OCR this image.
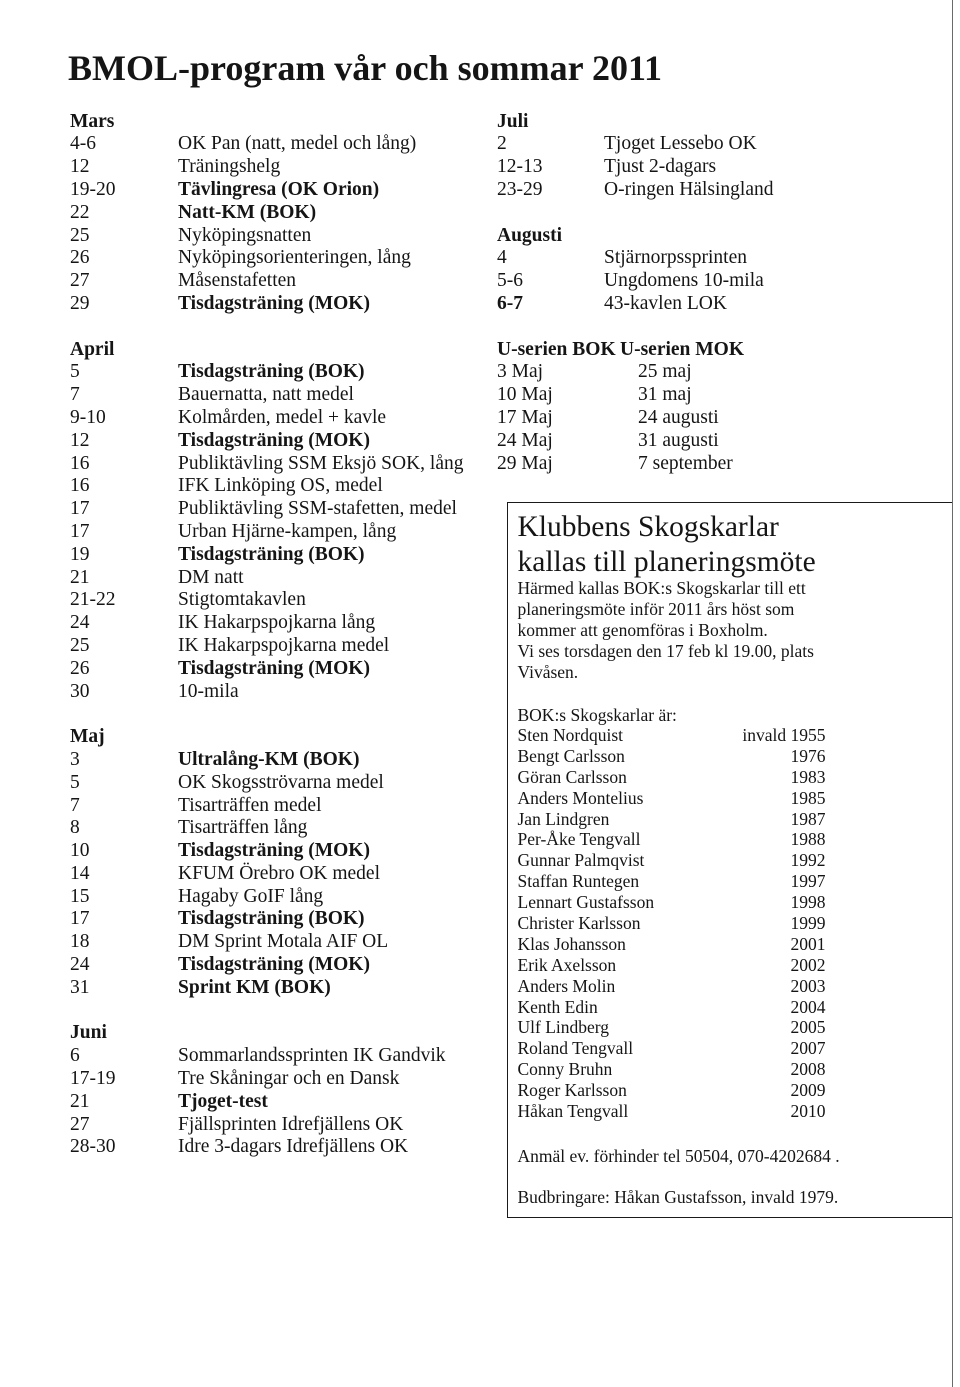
BMOL-program vår och sommar 2011
Mars
4-6	OK Pan (natt, medel och lång)
12	Träningshelg
19-20	Tävlingresa (OK Orion)
22	Natt-KM (BOK)
25	Nyköpingsnatten
26	Nyköpingsorienteringen, lång
27	Måsenstafetten
29	Tisdagsträning (MOK)
April
5	Tisdagsträning (BOK)
7	Bauernatta, natt medel
9-10	Kolmården, medel + kavle
12	Tisdagsträning (MOK)
16	Publiktävling SSM Eksjö SOK, lång
16	IFK Linköping OS, medel
17	Publiktävling SSM-stafetten, medel
17	Urban Hjärne-kampen, lång
19	Tisdagsträning (BOK)
21	DM natt
21-22	Stigtomtakavlen
24	IK Hakarpspojkarna lång
25	IK Hakarpspojkarna medel
26	Tisdagsträning (MOK)
30	10-mila
Maj
3	Ultralång-KM (BOK)
5	OK Skogsströvarna medel
7	Tisarträffen medel
8	Tisarträffen lång
10	Tisdagsträning (MOK)
14	KFUM Örebro OK medel
15	Hagaby GoIF lång
17	Tisdagsträning (BOK)
18	DM Sprint Motala AIF OL
24	Tisdagsträning (MOK)
31	Sprint KM (BOK)
Juni
6	Sommarlandssprinten IK Gandvik
17-19	Tre Skåningar och en Dansk
21	Tjoget-test
27	Fjällsprinten Idrefjällens OK
28-30	Idre 3-dagars Idrefjällens OK
Juli
2	Tjoget Lessebo OK
12-13	Tjust 2-dagars
23-29	O-ringen Hälsingland
Augusti
4	Stjärnorpssprinten
5-6	Ungdomens 10-mila
6-7	43-kavlen LOK
U-serien BOK U-serien MOK
3 Maj	25 maj
10 Maj	31 maj
17 Maj	24 augusti
24 Maj	31 augusti
29 Maj	7 september
Klubbens Skogskarlar
kallas till planeringsmöte
Härmed kallas BOK:s Skogskarlar till ett
planeringsmöte inför 2011 års höst som
kommer att genomföras i Boxholm.
Vi ses torsdagen den 17 feb kl 19.00, plats
Vivåsen.
BOK:s Skogskarlar är:
Sten Nordquist	invald 1955
Bengt Carlsson	1976
Göran Carlsson	1983
Anders Montelius	1985
Jan Lindgren	1987
Per-Åke Tengvall	1988
Gunnar Palmqvist	1992
Staffan Runtegen	1997
Lennart Gustafsson	1998
Christer Karlsson	1999
Klas Johansson	2001
Erik Axelsson	2002
Anders Molin	2003
Kenth Edin	2004
Ulf Lindberg	2005
Roland Tengvall	2007
Conny Bruhn	2008
Roger Karlsson	2009
Håkan Tengvall	2010
Anmäl ev. förhinder tel 50504, 070-4202684 .
Budbringare: Håkan Gustafsson, invald 1979.
